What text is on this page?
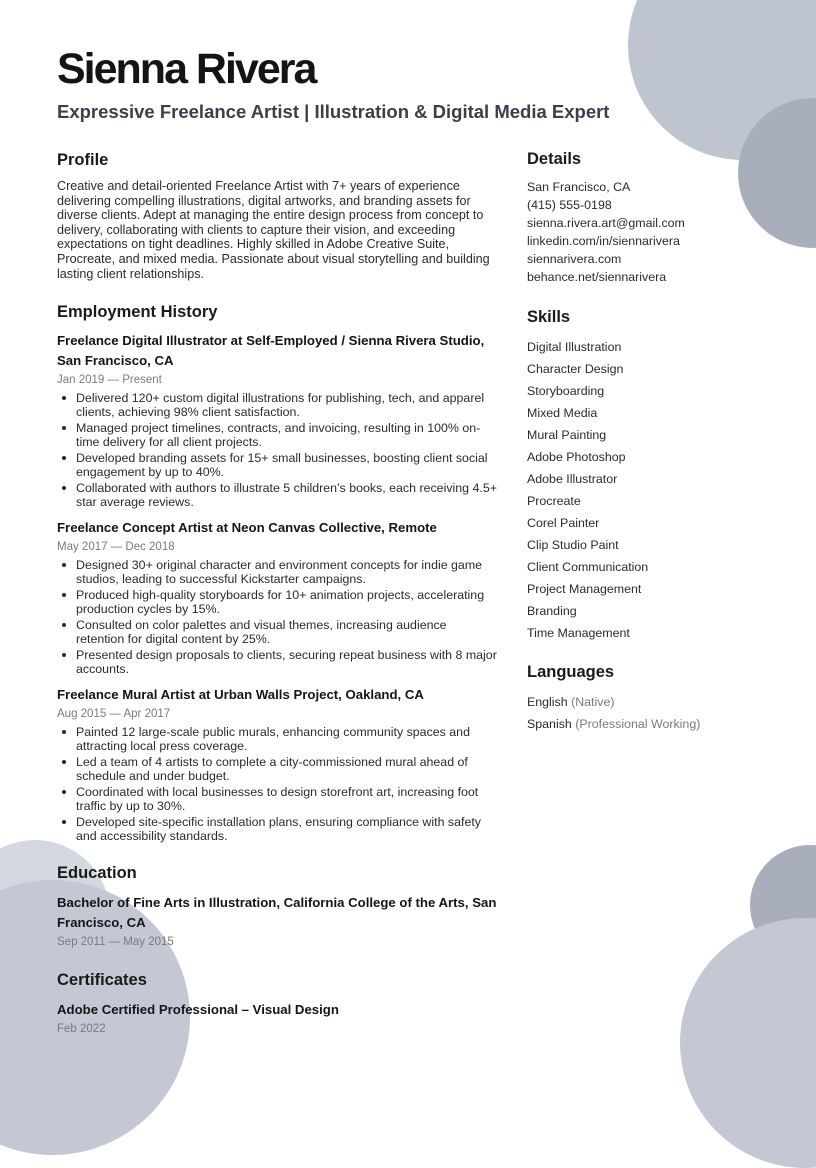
Sienna Rivera
Expressive Freelance Artist | Illustration & Digital Media Expert
Profile

Creative and detail-oriented Freelance Artist with 7+ years of experience delivering compelling illustrations, digital artworks, and branding assets for diverse clients. Adept at managing the entire design process from concept to delivery, collaborating with clients to capture their vision, and exceeding expectations on tight deadlines. Highly skilled in Adobe Creative Suite, Procreate, and mixed media. Passionate about visual storytelling and building lasting client relationships.

Employment History
Freelance Digital Illustrator at Self-Employed / Sienna Rivera Studio, San Francisco, CA
Jan 2019 — Present
Delivered 120+ custom digital illustrations for publishing, tech, and apparel clients, achieving 98% client satisfaction.
Managed project timelines, contracts, and invoicing, resulting in 100% on-time delivery for all client projects.
Developed branding assets for 15+ small businesses, boosting client social engagement by up to 40%.
Collaborated with authors to illustrate 5 children’s books, each receiving 4.5+ star average reviews.
Freelance Concept Artist at Neon Canvas Collective, Remote
May 2017 — Dec 2018
Designed 30+ original character and environment concepts for indie game studios, leading to successful Kickstarter campaigns.
Produced high-quality storyboards for 10+ animation projects, accelerating production cycles by 15%.
Consulted on color palettes and visual themes, increasing audience retention for digital content by 25%.
Presented design proposals to clients, securing repeat business with 8 major accounts.
Freelance Mural Artist at Urban Walls Project, Oakland, CA
Aug 2015 — Apr 2017
Painted 12 large-scale public murals, enhancing community spaces and attracting local press coverage.
Led a team of 4 artists to complete a city-commissioned mural ahead of schedule and under budget.
Coordinated with local businesses to design storefront art, increasing foot traffic by up to 30%.
Developed site-specific installation plans, ensuring compliance with safety and accessibility standards.
Education
Bachelor of Fine Arts in Illustration, California College of the Arts, San Francisco, CA
Sep 2011 — May 2015
Certificates
Adobe Certified Professional – Visual Design
Feb 2022
Details
San Francisco, CA
(415) 555-0198
sienna.rivera.art@gmail.com
linkedin.com/in/siennarivera
siennarivera.com
behance.net/siennarivera
Skills
Digital Illustration
Character Design
Storyboarding
Mixed Media
Mural Painting
Adobe Photoshop
Adobe Illustrator
Procreate
Corel Painter
Clip Studio Paint
Client Communication
Project Management
Branding
Time Management
Languages
English (Native)
Spanish (Professional Working)
